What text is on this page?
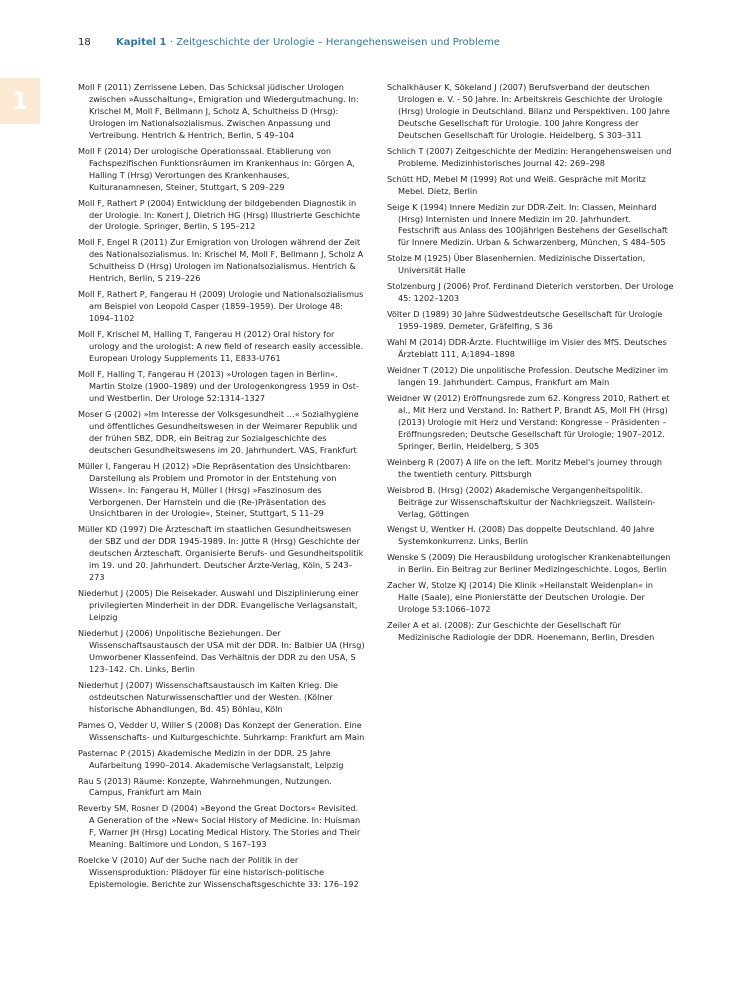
18	Kapitel 1 · Zeitgeschichte der Urologie – Herangehensweisen und Probleme
1	Moll F (2011) Zerrissene Leben. Das Schicksal jüdischer Urologen zwischen »Ausschaltung«, Emigration und Wiedergutmachung. In: Krischel M, Moll F, Bellmann J, Scholz A, Schultheiss D (Hrsg): Urologen im Nationalsozialismus. Zwischen Anpassung und Vertreibung. Hentrich & Hentrich, Berlin, S 49–104

Moll F (2014) Der urologische Operationssaal. Etablierung von Fachspezifischen Funktionsräumen im Krankenhaus in: Görgen A, Halling T (Hrsg) Verortungen des Krankenhauses, Kulturanamnesen, Steiner, Stuttgart, S 209–229

Moll F, Rathert P (2004) Entwicklung der bildgebenden Diagnostik in der Urologie. In: Konert J, Dietrich HG (Hrsg) Illustrierte Geschichte der Urologie. Springer, Berlin, S 195–212

Moll F, Engel R (2011) Zur Emigration von Urologen während der Zeit des Nationalsozialismus. In: Krischel M, Moll F, Bellmann J, Scholz A Schultheiss D (Hrsg) Urologen im Nationalsozialismus. Hentrich & Hentrich, Berlin, S 219–226

Moll F, Rathert P, Fangerau H (2009) Urologie und Nationalsozialismus am Beispiel von Leopold Casper (1859–1959). Der Urologe 48: 1094–1102

Moll F, Krischel M, Halling T, Fangerau H (2012) Oral history for urology and the urologist: A new field of research easily accessible. European Urology Supplements 11, E833-U761

Moll F, Halling T, Fangerau H (2013) »Urologen tagen in Berlin«. Martin Stolze (1900–1989) und der Urologenkongress 1959 in Ost- und Westberlin. Der Urologe 52:1314–1327

Moser G (2002) »Im Interesse der Volksgesundheit …« Sozialhygiene und öffentliches Gesundheitswesen in der Weimarer Republik und der frühen SBZ, DDR, ein Beitrag zur Sozialgeschichte des deutschen Gesundheitswesens im 20. Jahrhundert. VAS, Frankfurt

Müller I, Fangerau H (2012) »Die Repräsentation des Unsichtbaren: Darstellung als Problem und Promotor in der Entstehung von Wissen«. In: Fangerau H, Müller I (Hrsg) »Faszinosum des Verborgenen. Der Harnstein und die (Re-)Präsentation des Unsichtbaren in der Urologie«, Steiner, Stuttgart, S 11–29

Müller KD (1997) Die Ärzteschaft im staatlichen Gesundheitswesen der SBZ und der DDR 1945-1989. In: Jütte R (Hrsg) Geschichte der deutschen Ärzteschaft. Organisierte Berufs- und Gesundheitspolitik im 19. und 20. Jahrhundert. Deutscher Ärzte-Verlag, Köln, S 243–273

Niederhut J (2005) Die Reisekader. Auswahl und Disziplinierung einer privilegierten Minderheit in der DDR. Evangelische Verlagsanstalt, Leipzig

Niederhut J (2006) Unpolitische Beziehungen. Der Wissenschaftsaustausch der USA mit der DDR. In: Balbier UA (Hrsg) Umworbener Klassenfeind. Das Verhältnis der DDR zu den USA, S 123–142. Ch. Links, Berlin

Niederhut J (2007) Wissenschaftsaustausch im Kalten Krieg. Die ostdeutschen Naturwissenschaftler und der Westen. (Kölner historische Abhandlungen, Bd. 45) Böhlau, Köln

Parnes O, Vedder U, Willer S (2008) Das Konzept der Generation. Eine Wissenschafts- und Kulturgeschichte. Suhrkamp: Frankfurt am Main

Pasternac P (2015) Akademische Medizin in der DDR. 25 Jahre Aufarbeitung 1990–2014. Akademische Verlagsanstalt, Leipzig

Rau S (2013) Räume: Konzepte, Wahrnehmungen, Nutzungen. Campus, Frankfurt am Main

Reverby SM, Rosner D (2004) »Beyond the Great Doctors« Revisited. A Generation of the »New« Social History of Medicine. In: Huisman F, Warner JH (Hrsg) Locating Medical History. The Stories and Their Meaning. Baltimore und London, S 167–193

Roelcke V (2010) Auf der Suche nach der Politik in der Wissensproduktion: Plädoyer für eine historisch-politische Epistemologie. Berichte zur Wissenschaftsgeschichte 33: 176–192

Schalkhäuser K, Sökeland J (2007) Berufsverband der deutschen Urologen e. V. - 50 Jahre. In: Arbeitskreis Geschichte der Urologie (Hrsg) Urologie in Deutschland. Bilanz und Perspektiven. 100 Jahre Deutsche Gesellschaft für Urologie. 100 Jahre Kongress der Deutschen Gesellschaft für Urologie. Heidelberg, S 303–311

Schlich T (2007) Zeitgeschichte der Medizin: Herangehensweisen und Probleme. Medizinhistorisches Journal 42: 269–298

Schütt HD, Mebel M (1999) Rot und Weiß. Gespräche mit Moritz Mebel. Dietz, Berlin

Seige K (1994) Innere Medizin zur DDR-Zeit. In: Classen, Meinhard (Hrsg) Internisten und Innere Medizin im 20. Jahrhundert. Festschrift aus Anlass des 100jährigen Bestehens der Gesellschaft für Innere Medizin. Urban & Schwarzenberg, München, S 484–505

Stolze M (1925) Über Blasenhernien. Medizinische Dissertation, Universität Halle

Stolzenburg J (2006) Prof. Ferdinand Dieterich verstorben. Der Urologe 45: 1202–1203

Völter D (1989) 30 Jahre Südwestdeutsche Gesellschaft für Urologie 1959–1989. Demeter, Gräfelfing, S 36

Wahl M (2014) DDR-Ärzte. Fluchtwillige im Visier des MfS. Deutsches Ärzteblatt 111, A:1894–1898

Weidner T (2012) Die unpolitische Profession. Deutsche Mediziner im langen 19. Jahrhundert. Campus, Frankfurt am Main

Weidner W (2012) Eröffnungsrede zum 62. Kongress 2010, Rathert et al., Mit Herz und Verstand. In: Rathert P, Brandt AS, Moll FH (Hrsg) (2013) Urologie mit Herz und Verstand: Kongresse – Präsidenten – Eröffnungsreden; Deutsche Gesellschaft für Urologie; 1907–2012. Springer, Berlin, Heidelberg, S 305

Weinberg R (2007) A life on the left. Moritz Mebel's journey through the twentieth century. Pittsburgh

Weisbrod B. (Hrsg) (2002) Akademische Vergangenheitspolitik. Beiträge zur Wissenschaftskultur der Nachkriegszeit. Wallstein-Verlag, Göttingen

Wengst U, Wentker H. (2008) Das doppelte Deutschland. 40 Jahre Systemkonkurrenz. Links, Berlin

Wenske S (2009) Die Herausbildung urologischer Krankenabteilungen in Berlin. Ein Beitrag zur Berliner Medizingeschichte. Logos, Berlin

Zacher W, Stolze KJ (2014) Die Klinik »Heilanstalt Weidenplan« in Halle (Saale), eine Pionierstätte der Deutschen Urologie. Der Urologe 53:1066–1072

Zeiler A et al. (2008): Zur Geschichte der Gesellschaft für Medizinische Radiologie der DDR. Hoenemann, Berlin, Dresden
